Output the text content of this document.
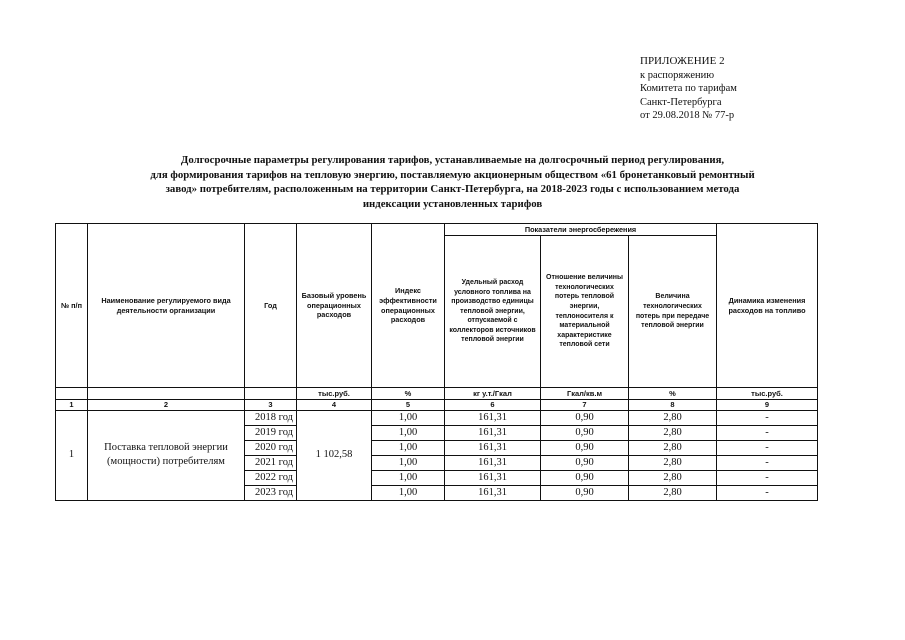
ПРИЛОЖЕНИЕ 2
к распоряжению
Комитета по тарифам
Санкт-Петербурга
от 29.08.2018 № 77-р
Долгосрочные параметры регулирования тарифов, устанавливаемые на долгосрочный период регулирования,
для формирования тарифов на тепловую энергию, поставляемую акционерным обществом «61 бронетанковый ремонтный
завод» потребителям, расположенным на территории Санкт-Петербурга, на 2018-2023 годы с использованием метода
индексации установленных тарифов
№ п/п	Наименование регулируемого вида деятельности организации	Год	Базовый уровень операционных расходов	Индекс эффективности операционных расходов	Показатели энергосбережения			Динамика изменения расходов на топливо
					Удельный расход условного топлива на производство единицы тепловой энергии, отпускаемой с коллекторов источников тепловой энергии	Отношение величины технологических потерь тепловой энергии, теплоносителя к материальной характеристике тепловой сети	Величина технологических потерь при передаче тепловой энергии	
			тыс.руб.	%	кг у.т./Гкал	Гкал/кв.м	%	тыс.руб.
1	2	3	4	5	6	7	8	9
1	Поставка тепловой энергии (мощности) потребителям	2018 год	1 102,58	1,00	161,31	0,90	2,80	-
		2019 год		1,00	161,31	0,90	2,80	-
		2020 год		1,00	161,31	0,90	2,80	-
		2021 год		1,00	161,31	0,90	2,80	-
		2022 год		1,00	161,31	0,90	2,80	-
		2023 год		1,00	161,31	0,90	2,80	-
